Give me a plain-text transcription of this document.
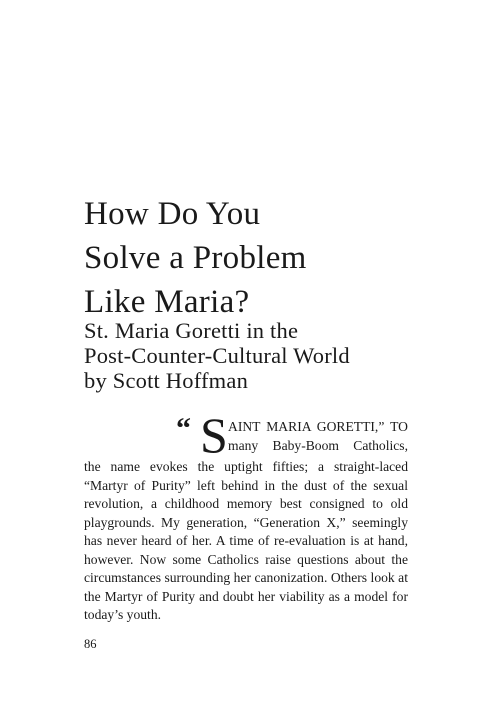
How Do You
Solve a Problem
Like Maria?
St. Maria Goretti in the
Post-Counter-Cultural World
by Scott Hoffman
“ S AINT MARIA GORETTI,” TO
many Baby-Boom Catholics,

the name evokes the uptight fifties; a straight-laced “Martyr of Purity” left behind in the dust of the sexual revolution, a childhood memory best consigned to old playgrounds. My generation, “Generation X,” seemingly has never heard of her. A time of re-evaluation is at hand, however. Now some Catholics raise questions about the circumstances surrounding her canonization. Others look at the Martyr of Purity and doubt her viability as a model for today’s youth.

86
